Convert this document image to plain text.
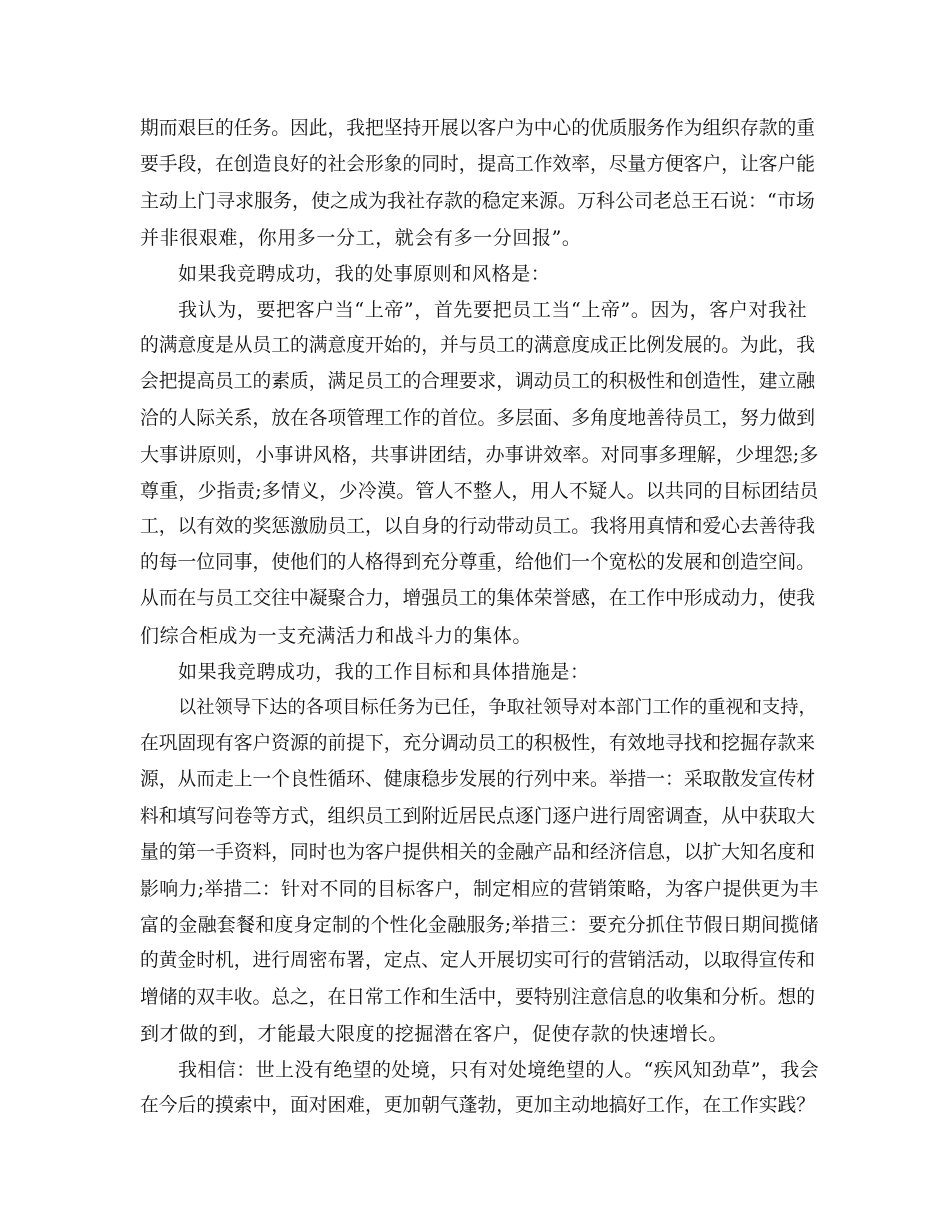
期而艰巨的任务。因此，我把坚持开展以客户为中心的优质服务作为组织存款的重
要手段，在创造良好的社会形象的同时，提高工作效率，尽量方便客户，让客户能
主动上门寻求服务，使之成为我社存款的稳定来源。万科公司老总王石说：“市场
并非很艰难，你用多一分工，就会有多一分回报”。
如果我竞聘成功，我的处事原则和风格是：
我认为，要把客户当“上帝”，首先要把员工当“上帝”。因为，客户对我社
的满意度是从员工的满意度开始的，并与员工的满意度成正比例发展的。为此，我
会把提高员工的素质，满足员工的合理要求，调动员工的积极性和创造性，建立融
洽的人际关系，放在各项管理工作的首位。多层面、多角度地善待员工，努力做到
大事讲原则，小事讲风格，共事讲团结，办事讲效率。对同事多理解，少埋怨;多
尊重，少指责;多情义，少冷漠。管人不整人，用人不疑人。以共同的目标团结员
工，以有效的奖惩激励员工，以自身的行动带动员工。我将用真情和爱心去善待我
的每一位同事，使他们的人格得到充分尊重，给他们一个宽松的发展和创造空间。
从而在与员工交往中凝聚合力，增强员工的集体荣誉感，在工作中形成动力，使我
们综合柜成为一支充满活力和战斗力的集体。
如果我竞聘成功，我的工作目标和具体措施是：
以社领导下达的各项目标任务为已任，争取社领导对本部门工作的重视和支持，
在巩固现有客户资源的前提下，充分调动员工的积极性，有效地寻找和挖掘存款来
源，从而走上一个良性循环、健康稳步发展的行列中来。举措一：采取散发宣传材
料和填写问卷等方式，组织员工到附近居民点逐门逐户进行周密调查，从中获取大
量的第一手资料，同时也为客户提供相关的金融产品和经济信息，以扩大知名度和
影响力;举措二：针对不同的目标客户，制定相应的营销策略，为客户提供更为丰
富的金融套餐和度身定制的个性化金融服务;举措三：要充分抓住节假日期间揽储
的黄金时机，进行周密布署，定点、定人开展切实可行的营销活动，以取得宣传和
增储的双丰收。总之，在日常工作和生活中，要特别注意信息的收集和分析。想的
到才做的到，才能最大限度的挖掘潜在客户，促使存款的快速增长。
我相信：世上没有绝望的处境，只有对处境绝望的人。“疾风知劲草”，我会
在今后的摸索中，面对困难，更加朝气蓬勃，更加主动地搞好工作，在工作实践？
